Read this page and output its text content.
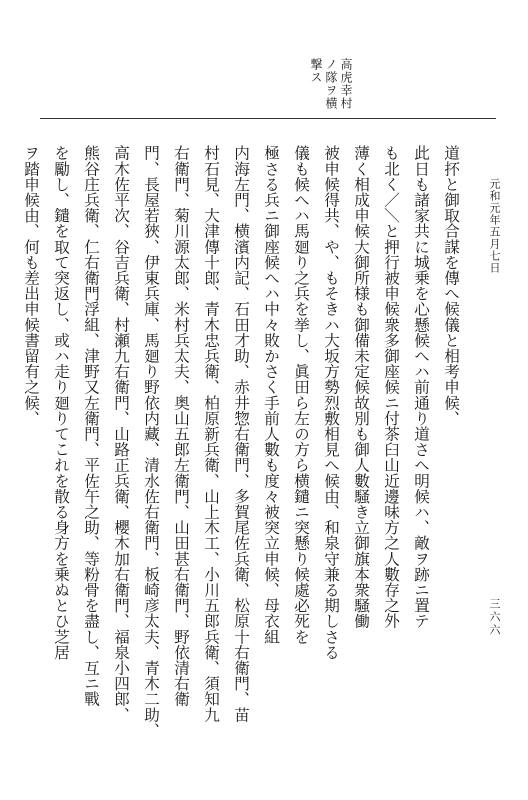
高虎幸村
ノ隊ヲ横
撃ス
元和元年五月七日
三六六
道抔と御取合謀を傳へ候儀と相考申候、
此日も諸家共に城乗を心懸候へハ前通り道さへ明候ハ、敵ヲ跡ニ置テ
も北く／＼と押行被申候衆多御座候ニ付茶臼山近邊味方之人數存之外
薄く相成申候大御所様も御備未定候故別も御人數騒き立御旗本衆騒働
被申候得共、や、もそきハ大坂方勢烈敷相見へ候由、和泉守兼る期しさる
儀も候へハ馬廻り之兵を挙し、眞田ら左の方ら横鑓ニ突懸り候處必死を
極さる兵ニ御座候へハ中々敗かさく手前人數も度々被突立申候、母衣組
内海左門、横濱内記、石田才助、赤井惣右衛門、多賀尾佐兵衛、松原十右衛門、苗
村石見、大津傳十郎、青木忠兵衛、柏原新兵衛、山上木工、小川五郎兵衛、須知九
右衛門、菊川源太郎、米村兵太夫、奥山五郎左衛門、山田甚右衛門、野依清右衛
門、長屋若狹、伊東兵庫、馬廻り野依内藏、清水佐右衛門、板崎彦太夫、青木二助、
高木佐平次、谷吉兵衛、村瀬九右衛門、山路正兵衛、櫻木加右衛門、福泉小四郎、
熊谷庄兵衛、仁右衛門浮組、津野又左衛門、平佐午之助、等粉骨を盡し、互ニ戰
を勵し、鑓を取て突返し、或ハ走り廻りてこれを散る身方を乗ぬとひ芝居
ヲ踏申候由、何も差出申候書留有之候、
